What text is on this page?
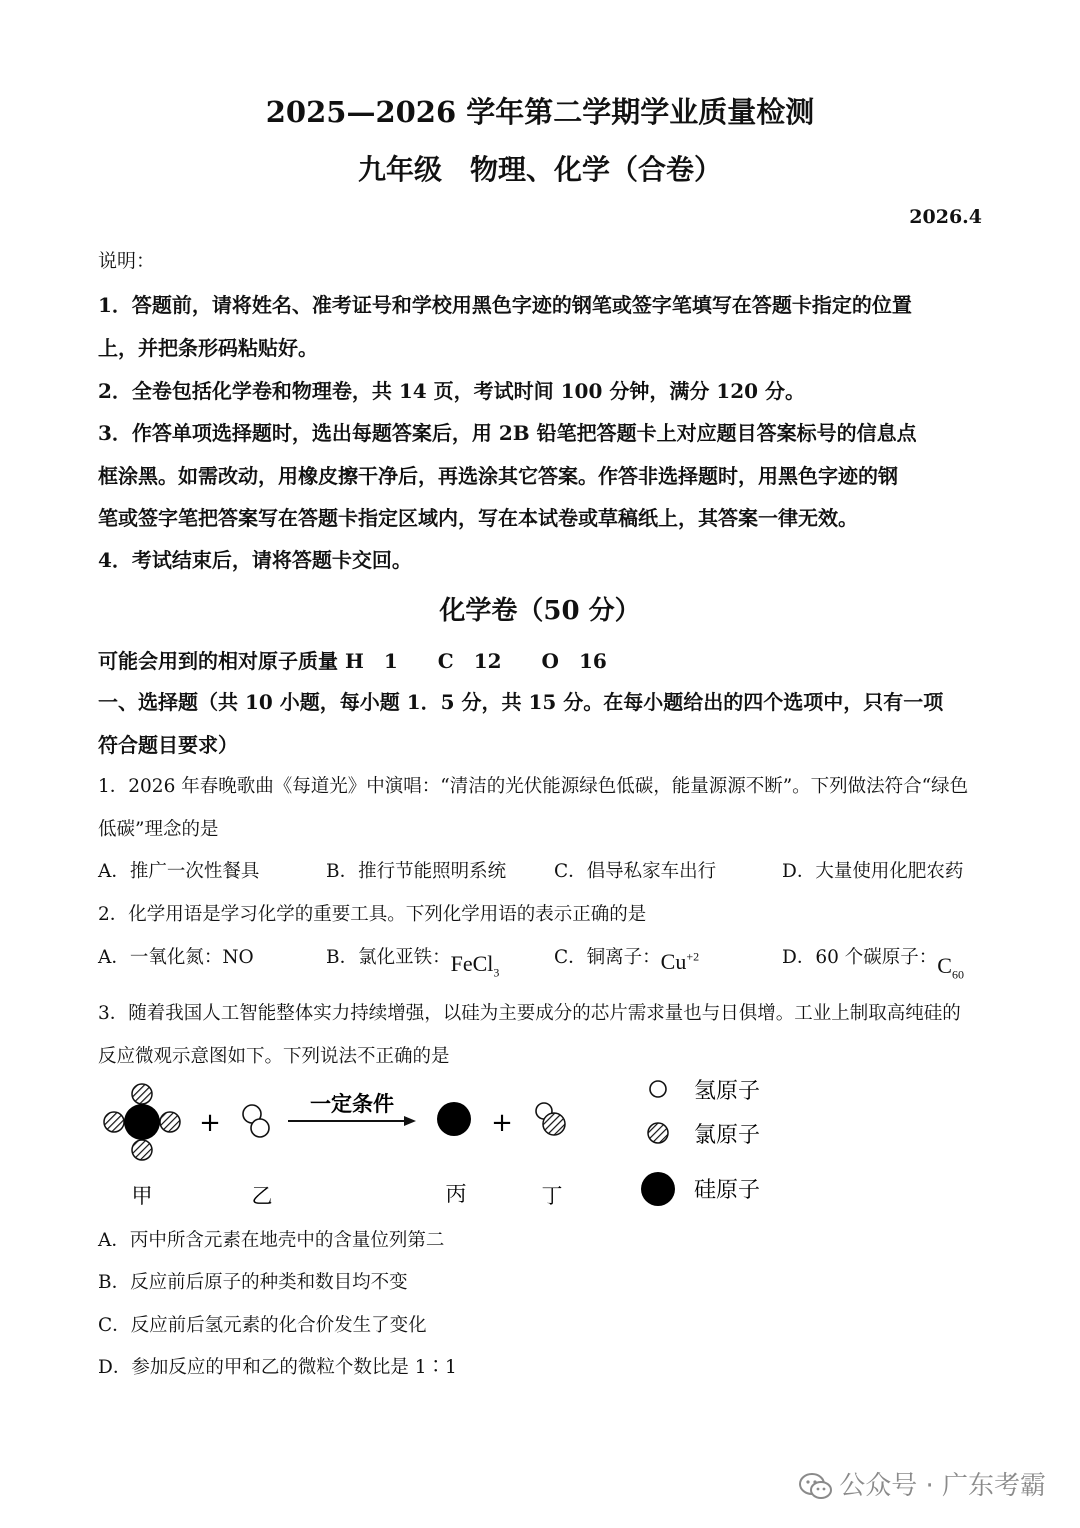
2025—2026 学年第二学期学业质量检测
九年级　物理、化学（合卷）
2026.4
说明：
1．答题前，请将姓名、准考证号和学校用黑色字迹的钢笔或签字笔填写在答题卡指定的位置
上，并把条形码粘贴好。
2．全卷包括化学卷和物理卷，共 14 页，考试时间 100 分钟，满分 120 分。
3．作答单项选择题时，选出每题答案后，用 2B 铅笔把答题卡上对应题目答案标号的信息点
框涂黑。如需改动，用橡皮擦干净后，再选涂其它答案。作答非选择题时，用黑色字迹的钢
笔或签字笔把答案写在答题卡指定区域内，写在本试卷或草稿纸上，其答案一律无效。
4．考试结束后，请将答题卡交回。
化学卷（50 分）
可能会用到的相对原子质量 H　1　　C　12　　O　16
一、选择题（共 10 小题，每小题 1．5 分，共 15 分。在每小题给出的四个选项中，只有一项
符合题目要求）
1．2026 年春晚歌曲《每道光》中演唱：“清洁的光伏能源绿色低碳，能量源源不断”。下列做法符合“绿色
低碳”理念的是
A．推广一次性餐具	B．推行节能照明系统	C．倡导私家车出行	D．大量使用化肥农药
2．化学用语是学习化学的重要工具。下列化学用语的表示正确的是
A．一氧化氮：NO	B．氯化亚铁：FeCl$_3$
C．铜离子：$Cu^{+2}$	D．60 个碳原子：$C_{60}$
3．随着我国人工智能整体实力持续增强，以硅为主要成分的芯片需求量也与日俱增。工业上制取高纯硅的
反应微观示意图如下。下列说法不正确的是
+
一定条件
+
甲	乙	丙	丁
氢原子
氯原子
硅原子
A．丙中所含元素在地壳中的含量位列第二
B．反应前后原子的种类和数目均不变
C．反应前后氢元素的化合价发生了变化
D．参加反应的甲和乙的微粒个数比是 1∶1
公众号 · 广东考霸
